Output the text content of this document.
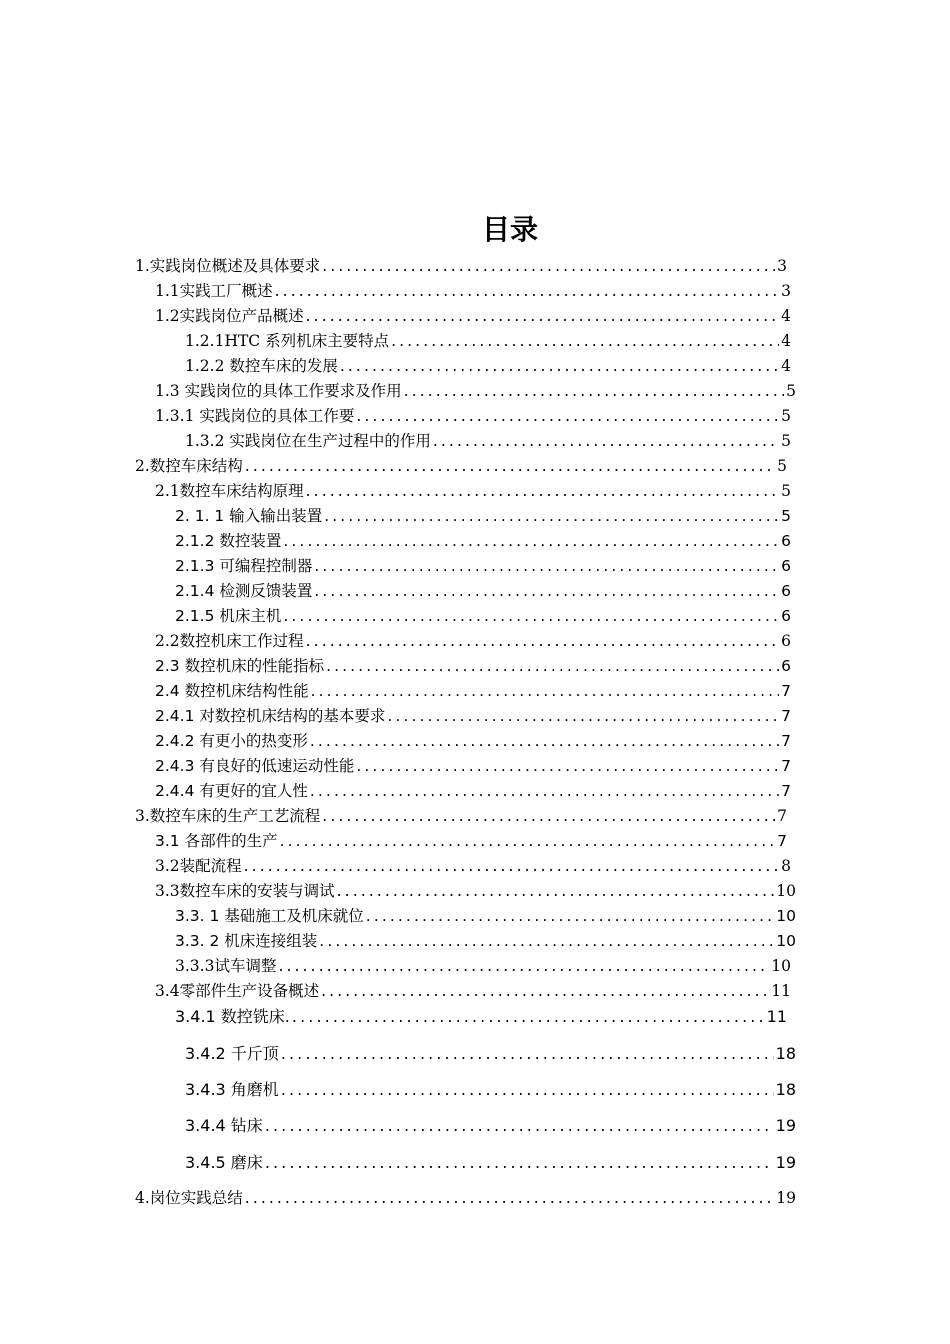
目录
1.实践岗位概述及具体要求 .....	3
1.1实践工厂概述 .....	3
1.2实践岗位产品概述 .....	4
1.2.1HTC 系列机床主要特点 .....	4
1.2.2 数控车床的发展 .....	4
1.3 实践岗位的具体工作要求及作用 .....	5
1.3.1 实践岗位的具体工作要 .....	5
1.3.2 实践岗位在生产过程中的作用 .....	5
2.数控车床结构 .....	5
2.1数控车床结构原理 .....	5
2. 1. 1 输入输出装置 .....	5
2.1.2 数控装置 .....	6
2.1.3 可编程控制器 .....	6
2.1.4 检测反馈装置 .....	6
2.1.5 机床主机 .....	6
2.2数控机床工作过程 .....	6
2.3 数控机床的性能指标 .....	6
2.4 数控机床结构性能 .....	7
2.4.1 对数控机床结构的基本要求 .....	7
2.4.2 有更小的热变形 .....	7
2.4.3 有良好的低速运动性能 .....	7
2.4.4 有更好的宜人性 .....	7
3.数控车床的生产工艺流程 .....	7
3.1 各部件的生产 .....	7
3.2装配流程 .....	8
3.3数控车床的安装与调试 .....	10
3.3. 1 基础施工及机床就位 .....	10
3.3. 2 机床连接组装 .....	10
3.3.3试车调整 .....	10
3.4零部件生产设备概述 .....	11
3.4.1 数控铣床. .....	11
3.4.2 千斤顶 .....	18
3.4.3 角磨机 .....	18
3.4.4 钻床 .....	19
3.4.5 磨床 .....	19
4.岗位实践总结 .....	19
